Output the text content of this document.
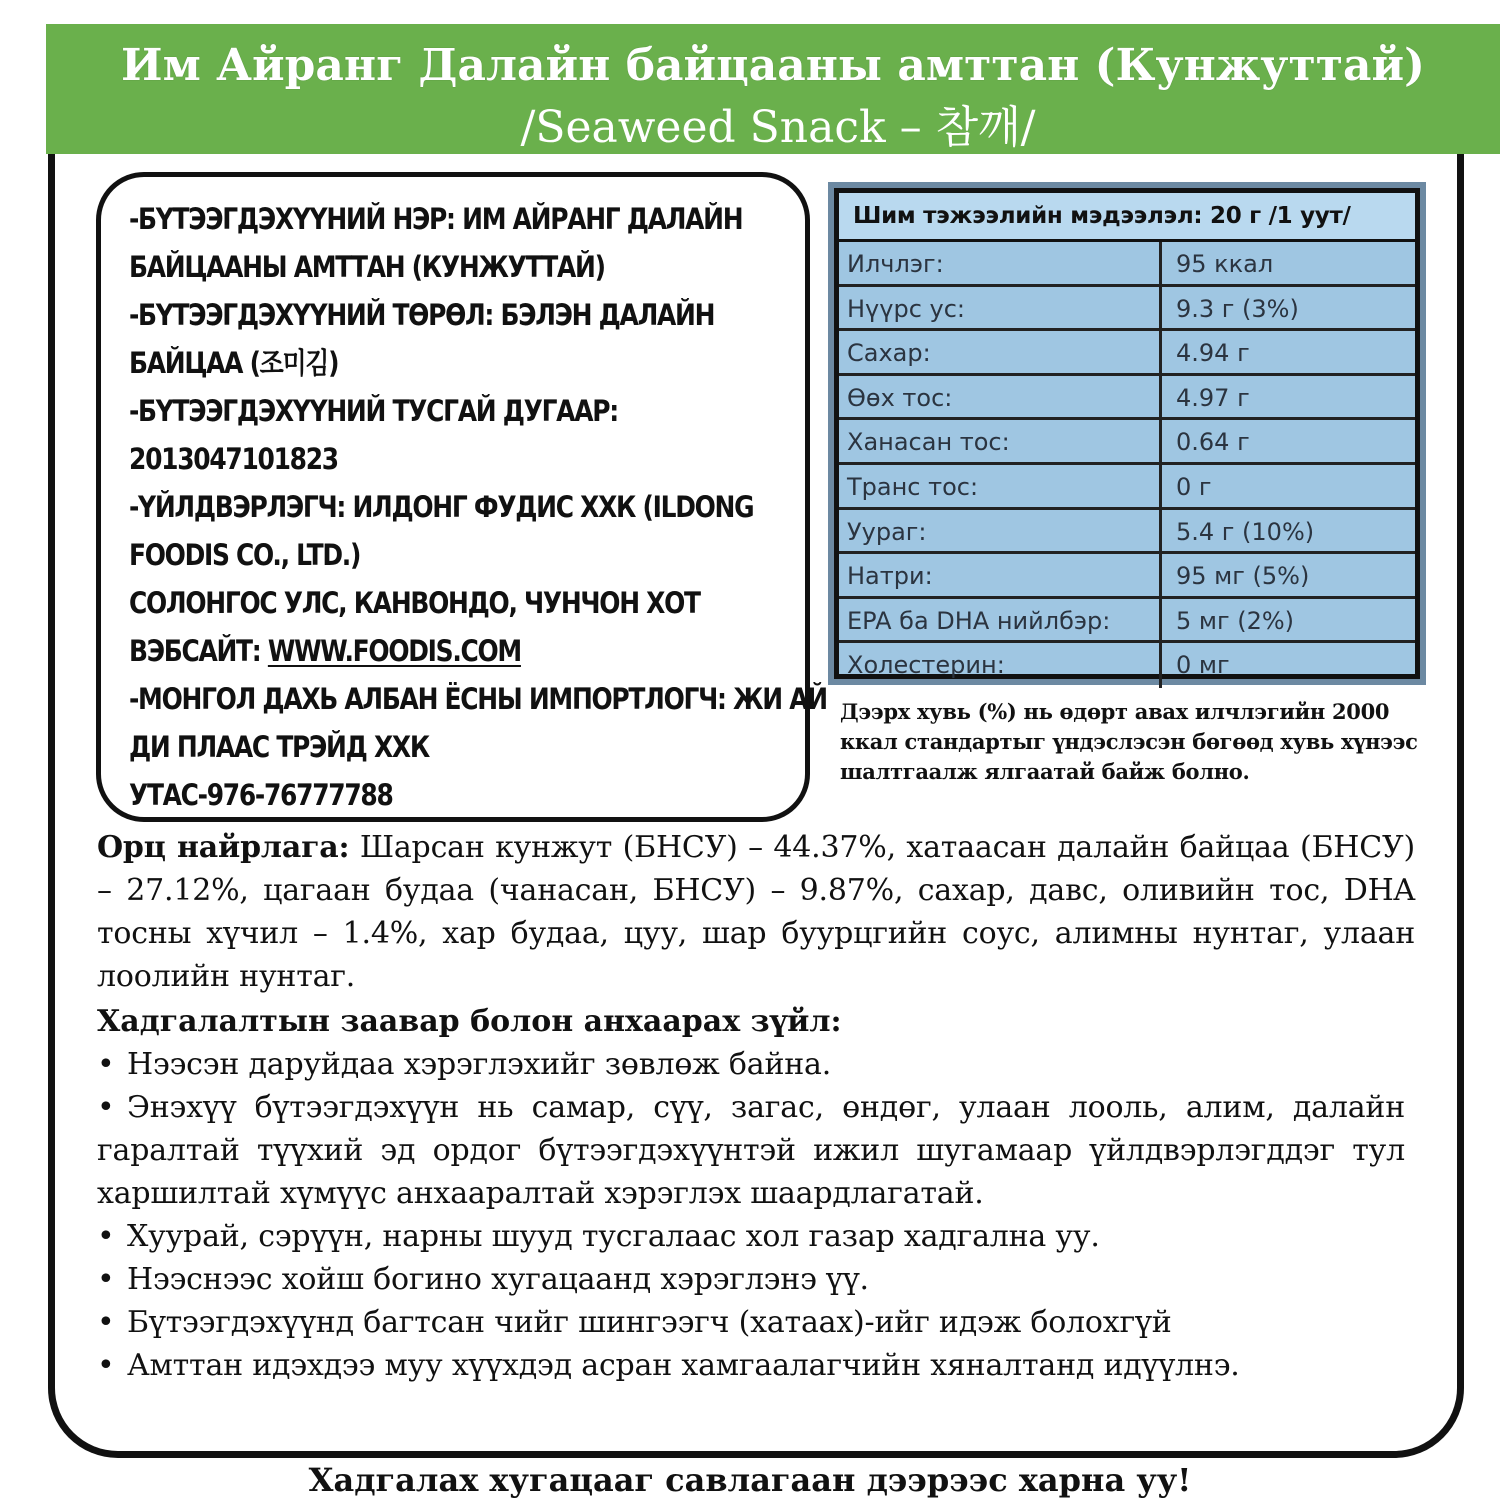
Им Айранг Далайн байцааны амттан (Кунжуттай)
/Seaweed Snack – 참깨/
-БҮТЭЭГДЭХҮҮНИЙ НЭР: ИМ АЙРАНГ ДАЛАЙН
БАЙЦААНЫ АМТТАН (КУНЖУТТАЙ)
-БҮТЭЭГДЭХҮҮНИЙ ТӨРӨЛ: БЭЛЭН ДАЛАЙН
БАЙЦАА (조미김)
-БҮТЭЭГДЭХҮҮНИЙ ТУСГАЙ ДУГААР:
2013047101823
-ҮЙЛДВЭРЛЭГЧ: ИЛДОНГ ФУДИС ХХК (ILDONG
FOODIS CO., LTD.)
СОЛОНГОС УЛС, КАНВОНДО, ЧУНЧОН ХОТ
ВЭБСАЙТ: WWW.FOODIS.COM
-МОНГОЛ ДАХЬ АЛБАН ЁСНЫ ИМПОРТЛОГЧ: ЖИ АЙ
ДИ ПЛААС ТРЭЙД ХХК
УТАС-976-76777788
Шим тэжээлийн мэдээлэл: 20 г /1 уут/
Илчлэг:	95 ккал
Нүүрс ус:	9.3 г (3%)
Сахар:	4.94 г
Өөх тос:	4.97 г
Ханасан тос:	0.64 г
Транс тос:	0 г
Уураг:	5.4 г (10%)
Натри:	95 мг (5%)
EPA ба DHA нийлбэр:	5 мг (2%)
Холестерин:	0 мг
Дээрх хувь (%) нь өдөрт авах илчлэгийн 2000 ккал стандартыг үндэслэсэн бөгөөд хувь хүнээс шалтгаалж ялгаатай байж болно.
Орц найрлага: Шарсан кунжут (БНСУ) – 44.37%, хатаасан далайн байцаа (БНСУ) – 27.12%, цагаан будаа (чанасан, БНСУ) – 9.87%, сахар, давс, оливийн тос, DHA тосны хүчил – 1.4%, хар будаа, цуу, шар буурцгийн соус, алимны нунтаг, улаан лоолийн нунтаг.
Хадгалалтын заавар болон анхаарах зүйл:
• Нээсэн даруйдаа хэрэглэхийг зөвлөж байна.
• Энэхүү бүтээгдэхүүн нь самар, сүү, загас, өндөг, улаан лооль, алим, далайн гаралтай түүхий эд ордог бүтээгдэхүүнтэй ижил шугамаар үйлдвэрлэгддэг тул харшилтай хүмүүс анхааралтай хэрэглэх шаардлагатай.
• Хуурай, сэрүүн, нарны шууд тусгалаас хол газар хадгална уу.
• Нээснээс хойш богино хугацаанд хэрэглэнэ үү.
• Бүтээгдэхүүнд багтсан чийг шингээгч (хатаах)-ийг идэж болохгүй
• Амттан идэхдээ муу хүүхдэд асран хамгаалагчийн хяналтанд идүүлнэ.
Хадгалах хугацааг савлагаан дээрээс харна уу!
